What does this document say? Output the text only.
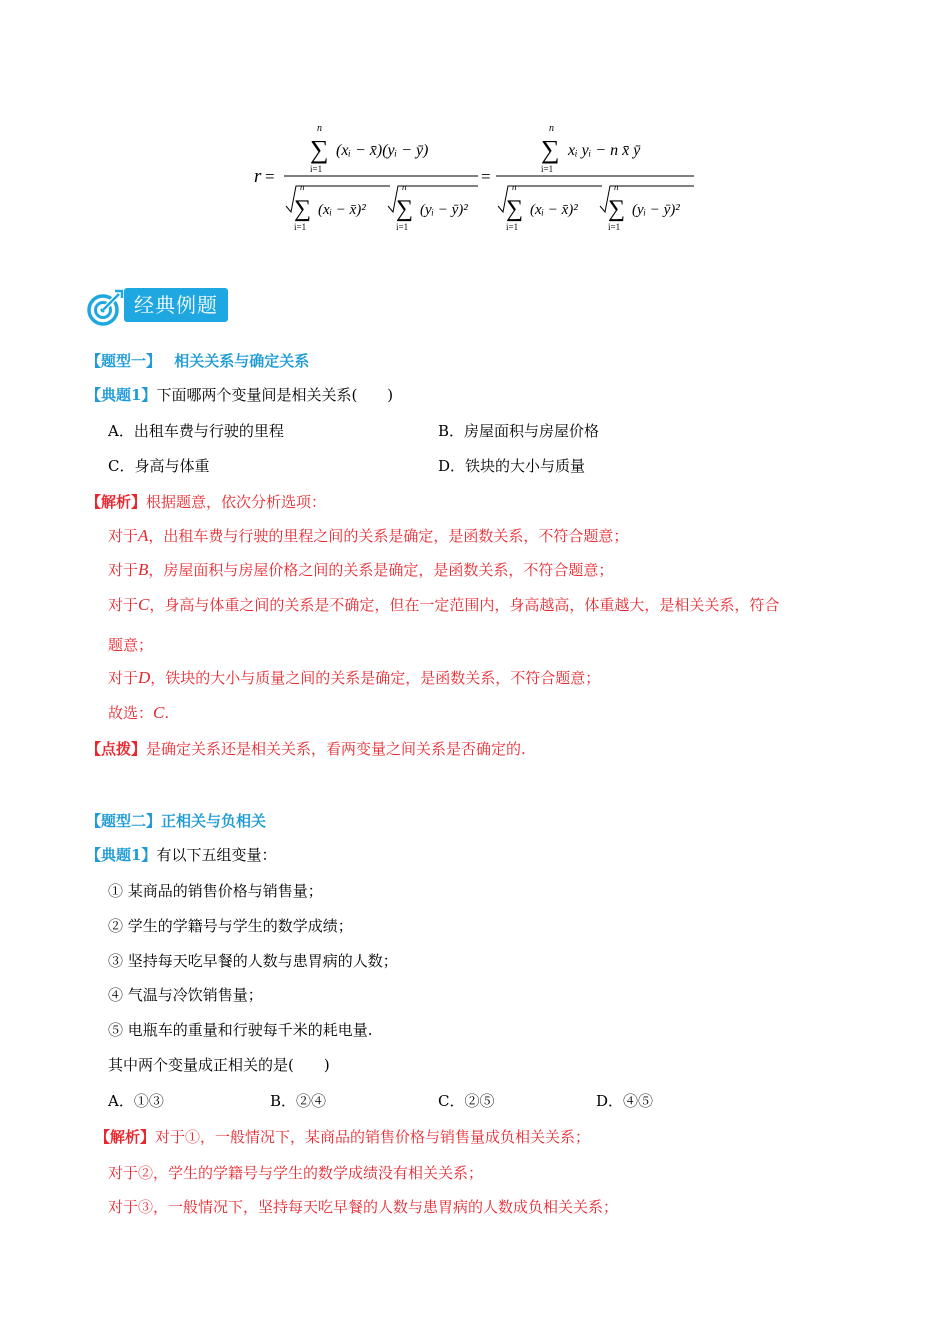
r =
n
∑
i=1
(xᵢ − x̄)(yᵢ − ȳ)
n
∑
i=1
(xᵢ − x̄)²
n
∑
i=1
(yᵢ − ȳ)²
=
n
∑
i=1
xᵢ yᵢ − n x̄ ȳ
n
∑
i=1
(xᵢ − x̄)²
n
∑
i=1
(yᵢ − ȳ)²
经典例题
【题型一】 相关关系与确定关系
【典题1】下面哪两个变量间是相关关系(　　)
A．出租车费与行驶的里程	B．房屋面积与房屋价格
C．身高与体重	D．铁块的大小与质量
【解析】根据题意，依次分析选项：
对于A，出租车费与行驶的里程之间的关系是确定，是函数关系，不符合题意；
对于B，房屋面积与房屋价格之间的关系是确定，是函数关系，不符合题意；
对于C，身高与体重之间的关系是不确定，但在一定范围内，身高越高，体重越大，是相关关系，符合
题意；
对于D，铁块的大小与质量之间的关系是确定，是函数关系，不符合题意；
故选：C.
【点拨】是确定关系还是相关关系，看两变量之间关系是否确定的.
【题型二】正相关与负相关
【典题1】有以下五组变量：
① 某商品的销售价格与销售量；
② 学生的学籍号与学生的数学成绩；
③ 坚持每天吃早餐的人数与患胃病的人数；
④ 气温与冷饮销售量；
⑤ 电瓶车的重量和行驶每千米的耗电量.
其中两个变量成正相关的是(　　)
A．①③	B．②④	C．②⑤	D．④⑤
【解析】对于①，一般情况下，某商品的销售价格与销售量成负相关关系；
对于②，学生的学籍号与学生的数学成绩没有相关关系；
对于③，一般情况下，坚持每天吃早餐的人数与患胃病的人数成负相关关系；
